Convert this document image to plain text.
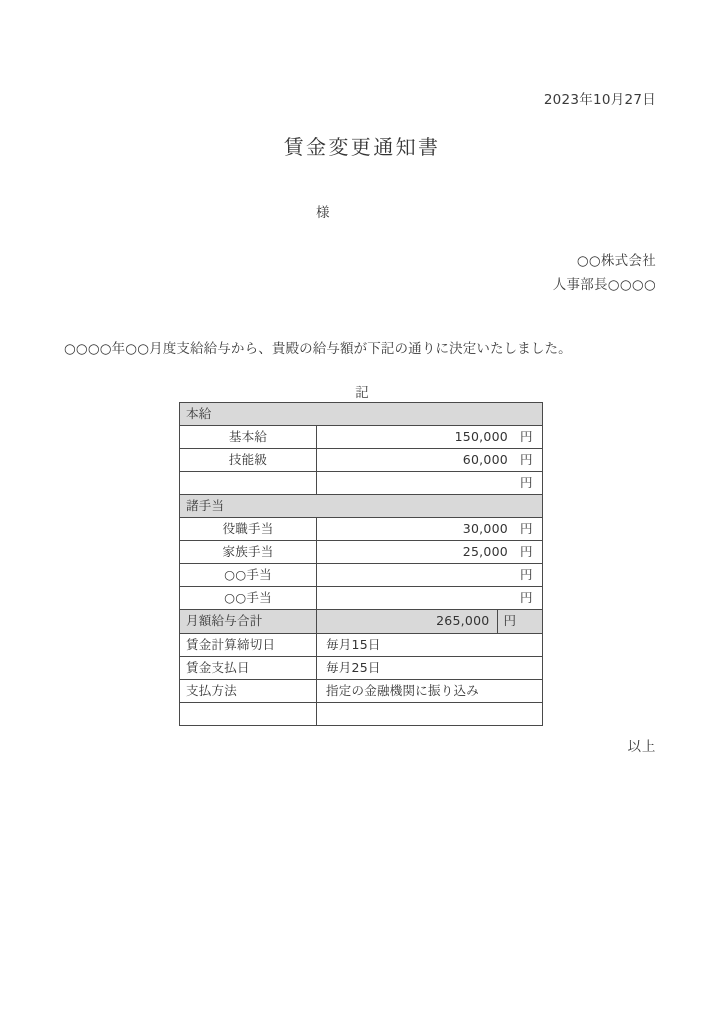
2023年10月27日
賃金変更通知書
様
○○株式会社
人事部長○○○○
○○○○年○○月度支給給与から、貴殿の給与額が下記の通りに決定いたしました。
記
本給
基本給	150,000 円
技能級	60,000 円
	円
諸手当
役職手当	30,000 円
家族手当	25,000 円
○○手当	円
○○手当	円
月額給与合計		265,000	円

賃金計算締切日	毎月15日
賃金支払日	毎月25日
支払方法	指定の金融機関に振り込み

以上
